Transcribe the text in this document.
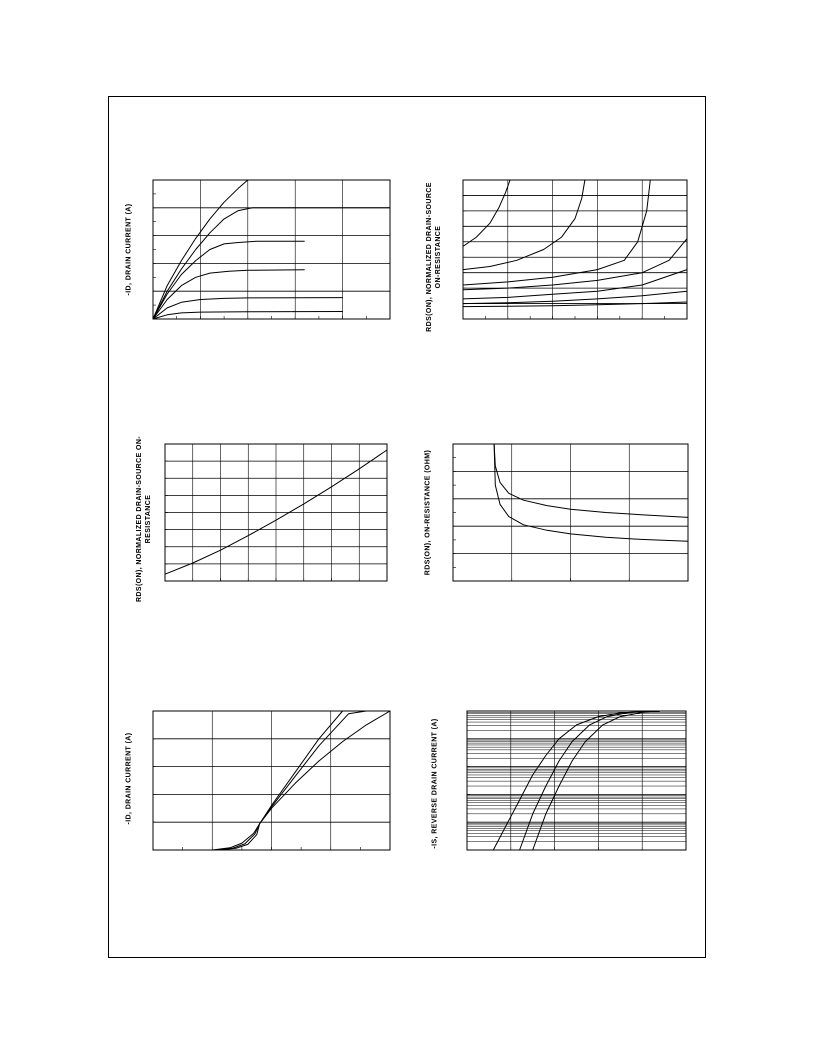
-ID, DRAIN CURRENT (A)	RDS(ON), NORMALIZED DRAIN-SOURCE ON-RESISTANCE
RDS(ON), NORMALIZED DRAIN-SOURCE ON-RESISTANCE	RDS(ON), ON-RESISTANCE (OHM)
-ID, DRAIN CURRENT (A)	-IS, REVERSE DRAIN CURRENT (A)
